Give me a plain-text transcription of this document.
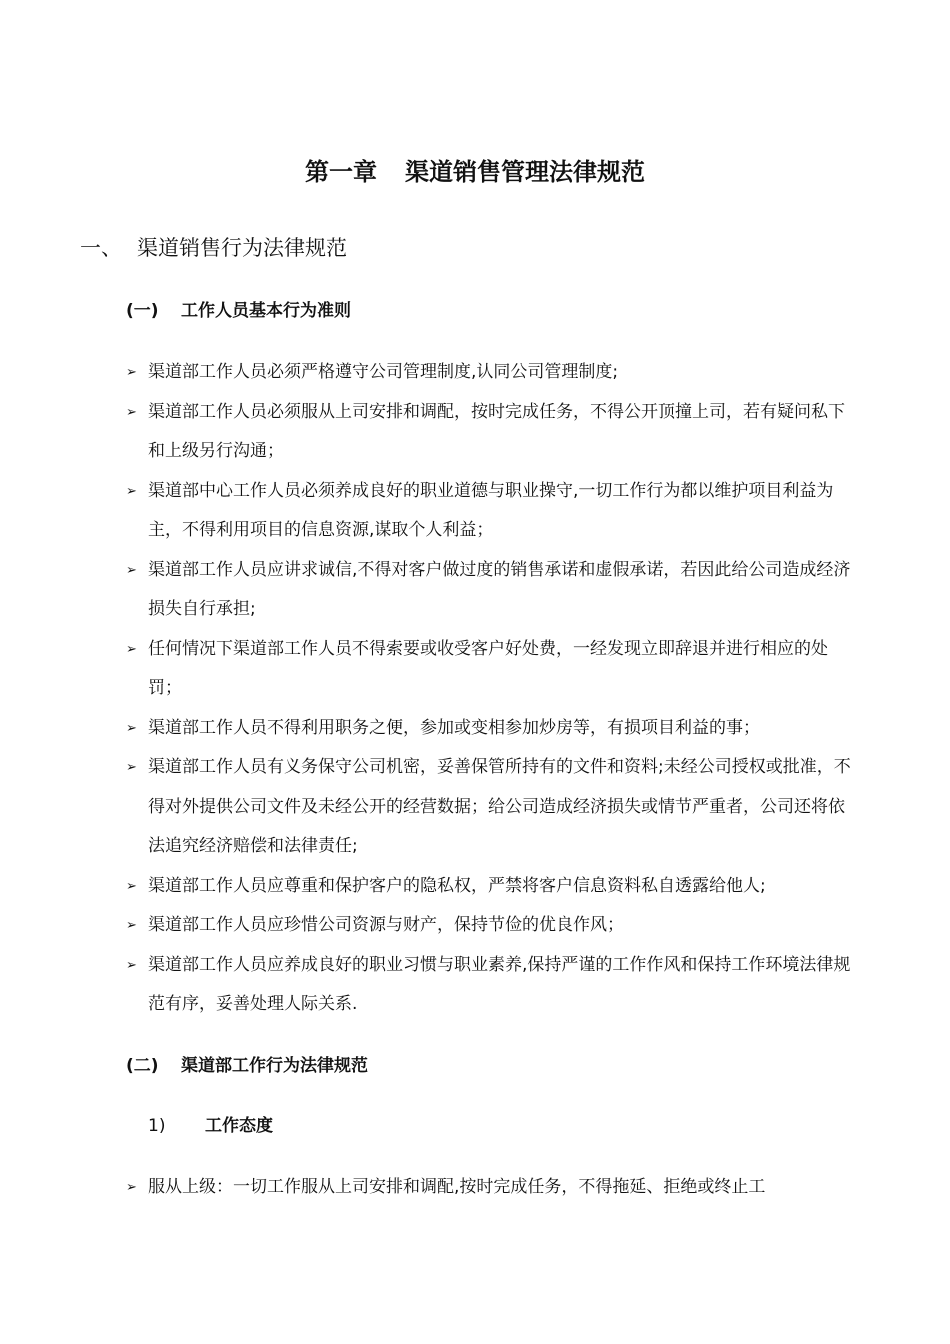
第一章 渠道销售管理法律规范
一、 渠道销售行为法律规范
(一) 工作人员基本行为准则
➢ 渠道部工作人员必须严格遵守公司管理制度,认同公司管理制度;
➢ 渠道部工作人员必须服从上司安排和调配，按时完成任务，不得公开顶撞上司，若有疑问私下和上级另行沟通；
➢ 渠道部中心工作人员必须养成良好的职业道德与职业操守,一切工作行为都以维护项目利益为主，不得利用项目的信息资源,谋取个人利益；
➢ 渠道部工作人员应讲求诚信,不得对客户做过度的销售承诺和虚假承诺，若因此给公司造成经济损失自行承担;
➢ 任何情况下渠道部工作人员不得索要或收受客户好处费，一经发现立即辞退并进行相应的处罚；
➢ 渠道部工作人员不得利用职务之便，参加或变相参加炒房等，有损项目利益的事；
➢ 渠道部工作人员有义务保守公司机密，妥善保管所持有的文件和资料;未经公司授权或批准，不得对外提供公司文件及未经公开的经营数据；给公司造成经济损失或情节严重者，公司还将依法追究经济赔偿和法律责任;
➢ 渠道部工作人员应尊重和保护客户的隐私权，严禁将客户信息资料私自透露给他人;
➢ 渠道部工作人员应珍惜公司资源与财产，保持节俭的优良作风；
➢ 渠道部工作人员应养成良好的职业习惯与职业素养,保持严谨的工作作风和保持工作环境法律规范有序，妥善处理人际关系.
(二) 渠道部工作行为法律规范
1) 工作态度
➢ 服从上级：一切工作服从上司安排和调配,按时完成任务，不得拖延、拒绝或终止工
